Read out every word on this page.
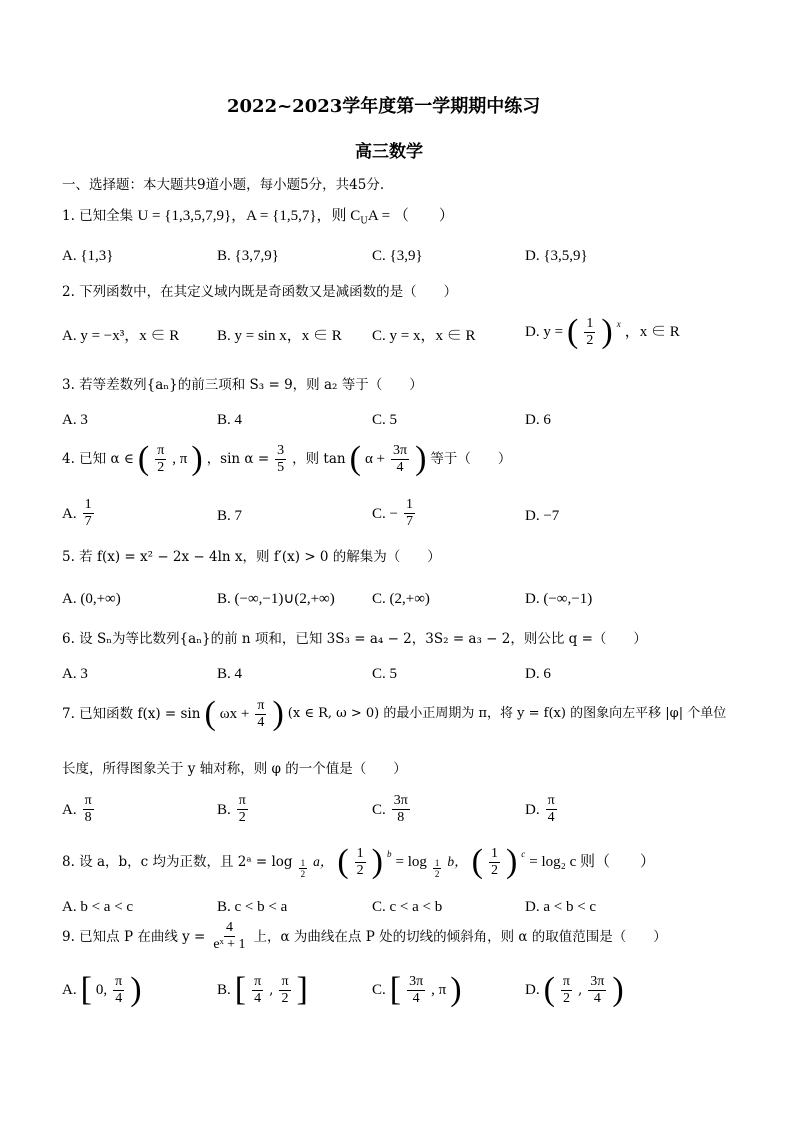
2022~2023学年度第一学期期中练习
高三数学
一、选择题：本大题共9道小题，每小题5分，共45分.
1. 已知全集 U = {1,3,5,7,9}，A = {1,5,7}，则 $C_UA$ = （　　）
A. {1,3}	B. {3,7,9}	C. {3,9}	D. {3,5,9}
2. 下列函数中，在其定义域内既是奇函数又是减函数的是（　　）
A. y = −x³，x ∈ R	B. y = sin x，x ∈ R C. y = x，x ∈ R	D. y = ( $\frac{1}{2}$ ) $^x$ ，x ∈ R
3. 若等差数列{aₙ}的前三项和 S₃ = 9，则 a₂ 等于（　　）
A. 3	B. 4	C. 5	D. 6
4. 已知 α ∈ ( $\frac{\pi}{2}$ , π ) ，$\sin \alpha = \frac{3}{5}$ ，则 tan ( $\alpha + \frac{3\pi}{4}$ ) 等于（　　）
A. $\frac{1}{7}$	B. 7	C. − $\frac{1}{7}$	D. −7
5. 若 f(x) = x² − 2x − 4ln x，则 f′(x) > 0 的解集为（　　）
A. (0,+∞)	B. (−∞,−1)∪(2,+∞) C. (2,+∞)	D. (−∞,−1)
6. 设 Sₙ为等比数列{aₙ}的前 n 项和，已知 3S₃ = a₄ − 2，3S₂ = a₃ − 2，则公比 q =（　　）
A. 3	B. 4	C. 5	D. 6
7. 已知函数 f(x) = sin ( $\omega x + \frac{\pi}{4}$ ) (x ∈ R, ω > 0) 的最小正周期为 π，将 y = f(x) 的图象向左平移 |φ| 个单位
长度，所得图象关于 y 轴对称，则 φ 的一个值是（　　）
A. $\frac{\pi}{8}$	B. $\frac{\pi}{2}$	C. $\frac{3\pi}{8}$	D. $\frac{\pi}{4}$
8. 设 a，b，c 均为正数，且 2ᵃ = $\log \frac{1}{2}$ a， ( $\frac{1}{2}$ ) $^b = \log \frac{1}{2}$ b， ( $\frac{1}{2}$ ) $^c$ = log₂ c 则（　　）
A. b < a < c	B. c < b < a	C. c < a < b	D. a < b < c
9. 已知点 P 在曲线 $y = \frac{4}{\text{eˣ + 1}}$ 上，α 为曲线在点 P 处的切线的倾斜角，则 α 的取值范围是（　　）
A. [ 0, $\frac{\pi}{4}$ )	B. [ $\frac{\pi}{4}$ , $\frac{\pi}{2}$ ]	C. [ $\frac{3\pi}{4}$ , π )	D. ( $\frac{\pi}{2}$ , $\frac{3\pi}{4}$ )
